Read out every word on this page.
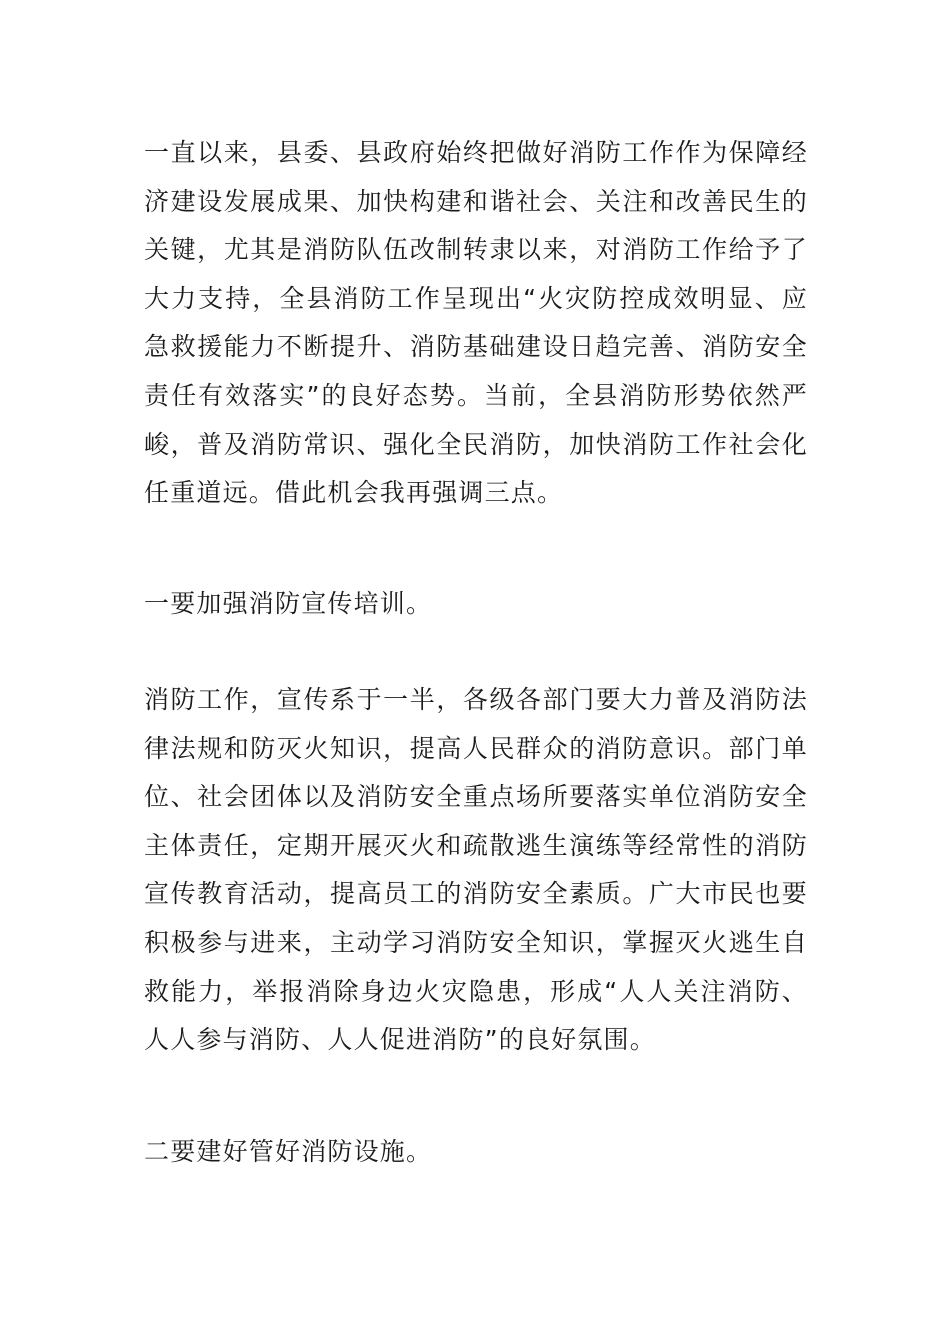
一直以来，县委、县政府始终把做好消防工作作为保障经济建设发展成果、加快构建和谐社会、关注和改善民生的关键，尤其是消防队伍改制转隶以来，对消防工作给予了大力支持，全县消防工作呈现出“火灾防控成效明显、应急救援能力不断提升、消防基础建设日趋完善、消防安全责任有效落实”的良好态势。当前，全县消防形势依然严峻，普及消防常识、强化全民消防，加快消防工作社会化任重道远。借此机会我再强调三点。

一要加强消防宣传培训。

消防工作，宣传系于一半，各级各部门要大力普及消防法律法规和防灭火知识，提高人民群众的消防意识。部门单位、社会团体以及消防安全重点场所要落实单位消防安全主体责任，定期开展灭火和疏散逃生演练等经常性的消防宣传教育活动，提高员工的消防安全素质。广大市民也要积极参与进来，主动学习消防安全知识，掌握灭火逃生自救能力，举报消除身边火灾隐患，形成“人人关注消防、人人参与消防、人人促进消防”的良好氛围。

二要建好管好消防设施。
